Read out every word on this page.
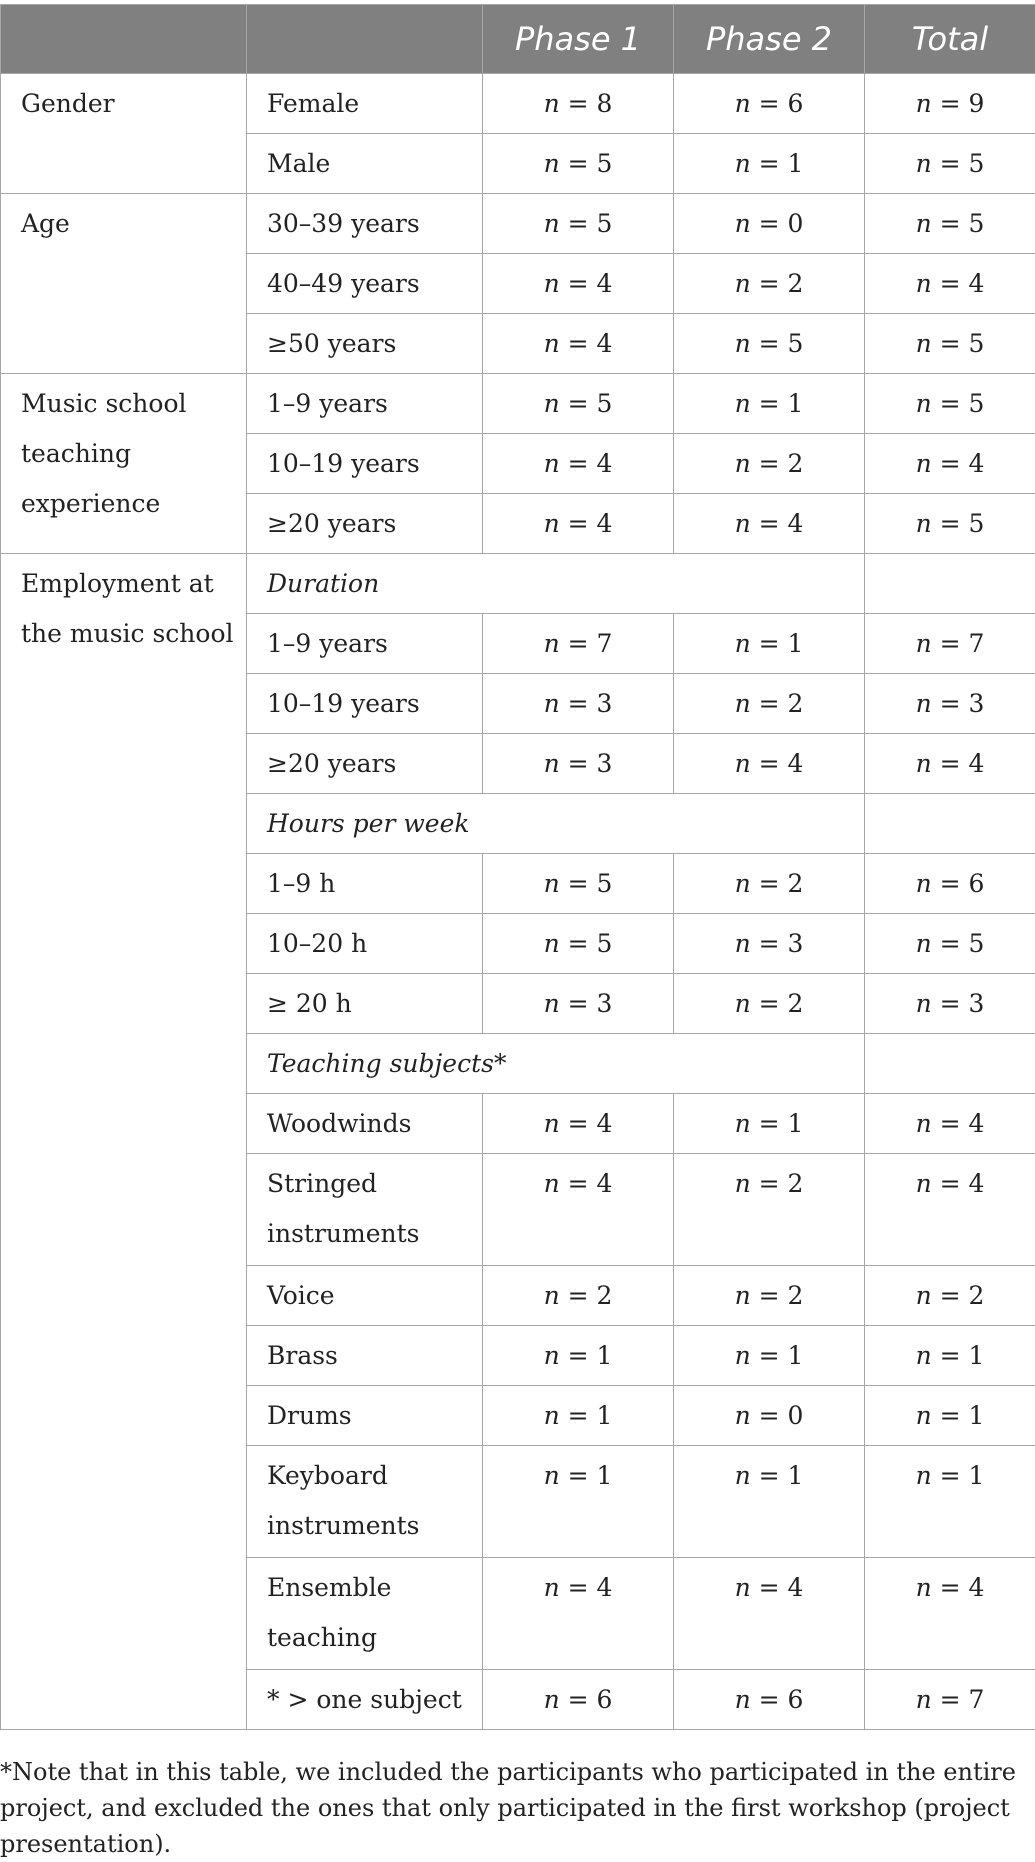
		Phase 1	Phase 2	Total
Gender	Female	n = 8	n = 6	n = 9
	Male	n = 5	n = 1	n = 5
Age	30–39 years	n = 5	n = 0	n = 5
	40–49 years	n = 4	n = 2	n = 4
	≥50 years	n = 4	n = 5	n = 5
Music school teaching experience	1–9 years	n = 5	n = 1	n = 5
	10–19 years	n = 4	n = 2	n = 4
	≥20 years	n = 4	n = 4	n = 5
Employment at the music school	Duration			
	1–9 years	n = 7	n = 1	n = 7
	10–19 years	n = 3	n = 2	n = 3
	≥20 years	n = 3	n = 4	n = 4
	Hours per week			
	1–9 h	n = 5	n = 2	n = 6
	10–20 h	n = 5	n = 3	n = 5
	≥ 20 h	n = 3	n = 2	n = 3
	Teaching subjects*			
	Woodwinds	n = 4	n = 1	n = 4
	Stringed instruments	n = 4	n = 2	n = 4
	Voice	n = 2	n = 2	n = 2
	Brass	n = 1	n = 1	n = 1
	Drums	n = 1	n = 0	n = 1
	Keyboard instruments	n = 1	n = 1	n = 1
	Ensemble teaching	n = 4	n = 4	n = 4
	* > one subject	n = 6	n = 6	n = 7
*Note that in this table, we included the participants who participated in the entire project, and excluded the ones that only participated in the first workshop (project presentation).
